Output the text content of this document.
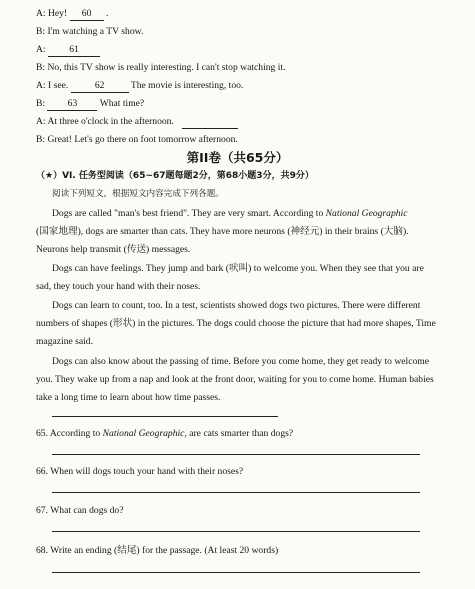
A: Hey! 60 .
B: I'm watching a TV show.
A: 61
B: No, this TV show is really interesting. I can't stop watching it.
A: I see.	62	The movie is interesting, too.
B: 63 What time?
A: At three o'clock in the afternoon.
B: Great! Let's go there on foot tomorrow afternoon.
第II卷（共65分）
（★）VI. 任务型阅读（65~67题每题2分，第68小题3分，共9分）
阅读下列短文，根据短文内容完成下列各题。
Dogs are called "man's best friend". They are very smart. According to National Geographic
(国家地理), dogs are smarter than cats. They have more neurons (神经元) in their brains (大脑).
Neurons help transmit (传送) messages.
Dogs can have feelings. They jump and bark (吠叫) to welcome you. When they see that you are
sad, they touch your hand with their noses.
Dogs can learn to count, too. In a test, scientists showed dogs two pictures. There were different
numbers of shapes (形状) in the pictures. The dogs could choose the picture that had more shapes, Time
magazine said.
Dogs can also know about the passing of time. Before you come home, they get ready to welcome
you. They wake up from a nap and look at the front door, waiting for you to come home. Human babies
take a long time to learn about how time passes.
65. According to National Geographic, are cats smarter than dogs?
66. When will dogs touch your hand with their noses?
67. What can dogs do?
68. Write an ending (结尾) for the passage. (At least 20 words)
